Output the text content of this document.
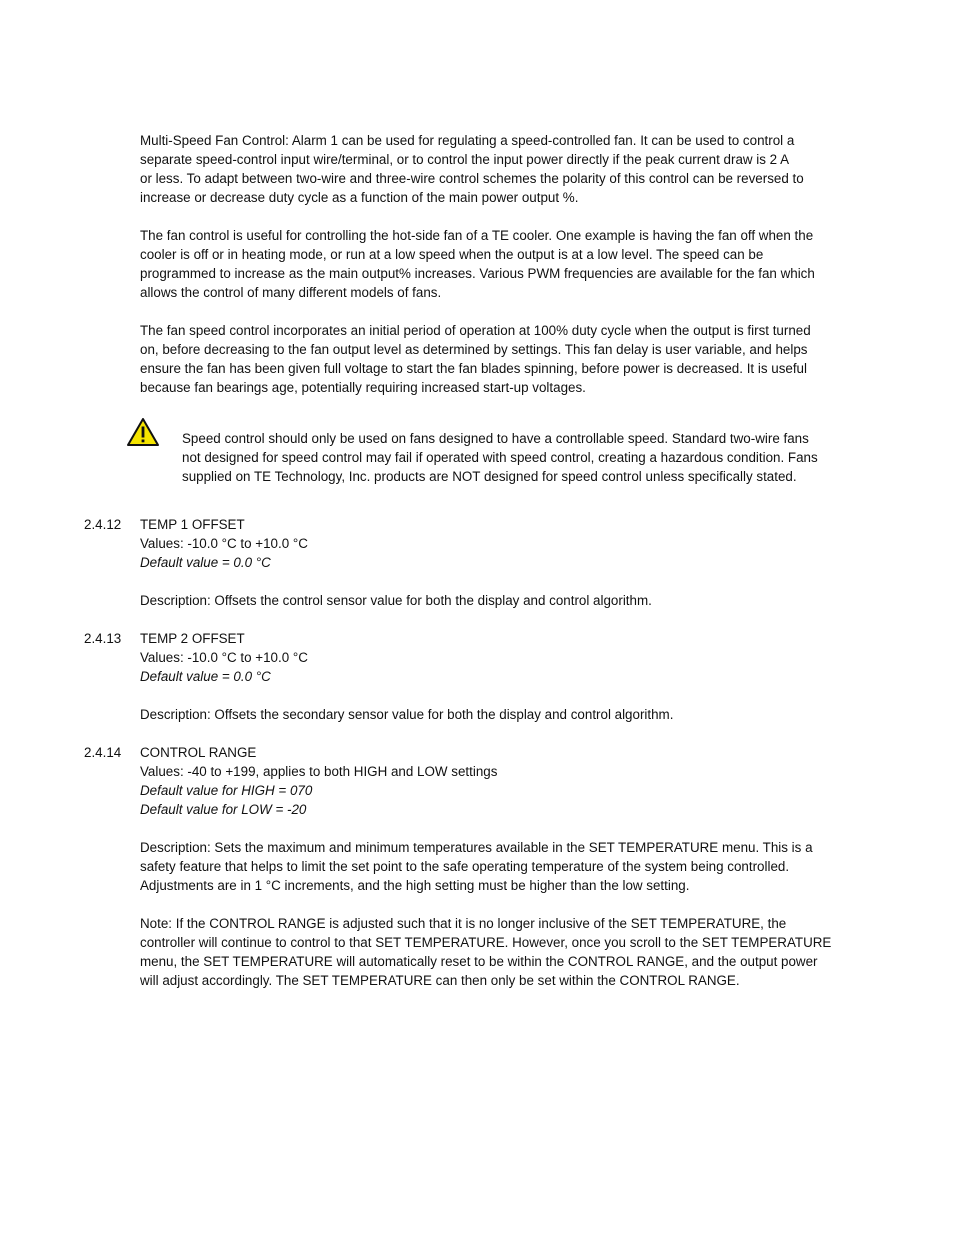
Multi-Speed Fan Control: Alarm 1 can be used for regulating a speed-controlled fan. It can be used to control a
separate speed-control input wire/terminal, or to control the input power directly if the peak current draw is 2 A
or less. To adapt between two-wire and three-wire control schemes the polarity of this control can be reversed to
increase or decrease duty cycle as a function of the main power output %.

The fan control is useful for controlling the hot-side fan of a TE cooler. One example is having the fan off when the
cooler is off or in heating mode, or run at a low speed when the output is at a low level. The speed can be
programmed to increase as the main output% increases. Various PWM frequencies are available for the fan which
allows the control of many different models of fans.

The fan speed control incorporates an initial period of operation at 100% duty cycle when the output is first turned
on, before decreasing to the fan output level as determined by settings. This fan delay is user variable, and helps
ensure the fan has been given full voltage to start the fan blades spinning, before power is decreased. It is useful
because fan bearings age, potentially requiring increased start-up voltages.

Speed control should only be used on fans designed to have a controllable speed. Standard two-wire fans
not designed for speed control may fail if operated with speed control, creating a hazardous condition. Fans
supplied on TE Technology, Inc. products are NOT designed for speed control unless specifically stated.

2.4.12 TEMP 1 OFFSET
Values: -10.0 °C to +10.0 °C
Default value = 0.0 °C

Description: Offsets the control sensor value for both the display and control algorithm.
2.4.13 TEMP 2 OFFSET
Values: -10.0 °C to +10.0 °C
Default value = 0.0 °C

Description: Offsets the secondary sensor value for both the display and control algorithm.
2.4.14 CONTROL RANGE
Values: -40 to +199, applies to both HIGH and LOW settings
Default value for HIGH = 070
Default value for LOW = -20

Description: Sets the maximum and minimum temperatures available in the SET TEMPERATURE menu. This is a
safety feature that helps to limit the set point to the safe operating temperature of the system being controlled.
Adjustments are in 1 °C increments, and the high setting must be higher than the low setting.

Note: If the CONTROL RANGE is adjusted such that it is no longer inclusive of the SET TEMPERATURE, the
controller will continue to control to that SET TEMPERATURE. However, once you scroll to the SET TEMPERATURE
menu, the SET TEMPERATURE will automatically reset to be within the CONTROL RANGE, and the output power
will adjust accordingly. The SET TEMPERATURE can then only be set within the CONTROL RANGE.
